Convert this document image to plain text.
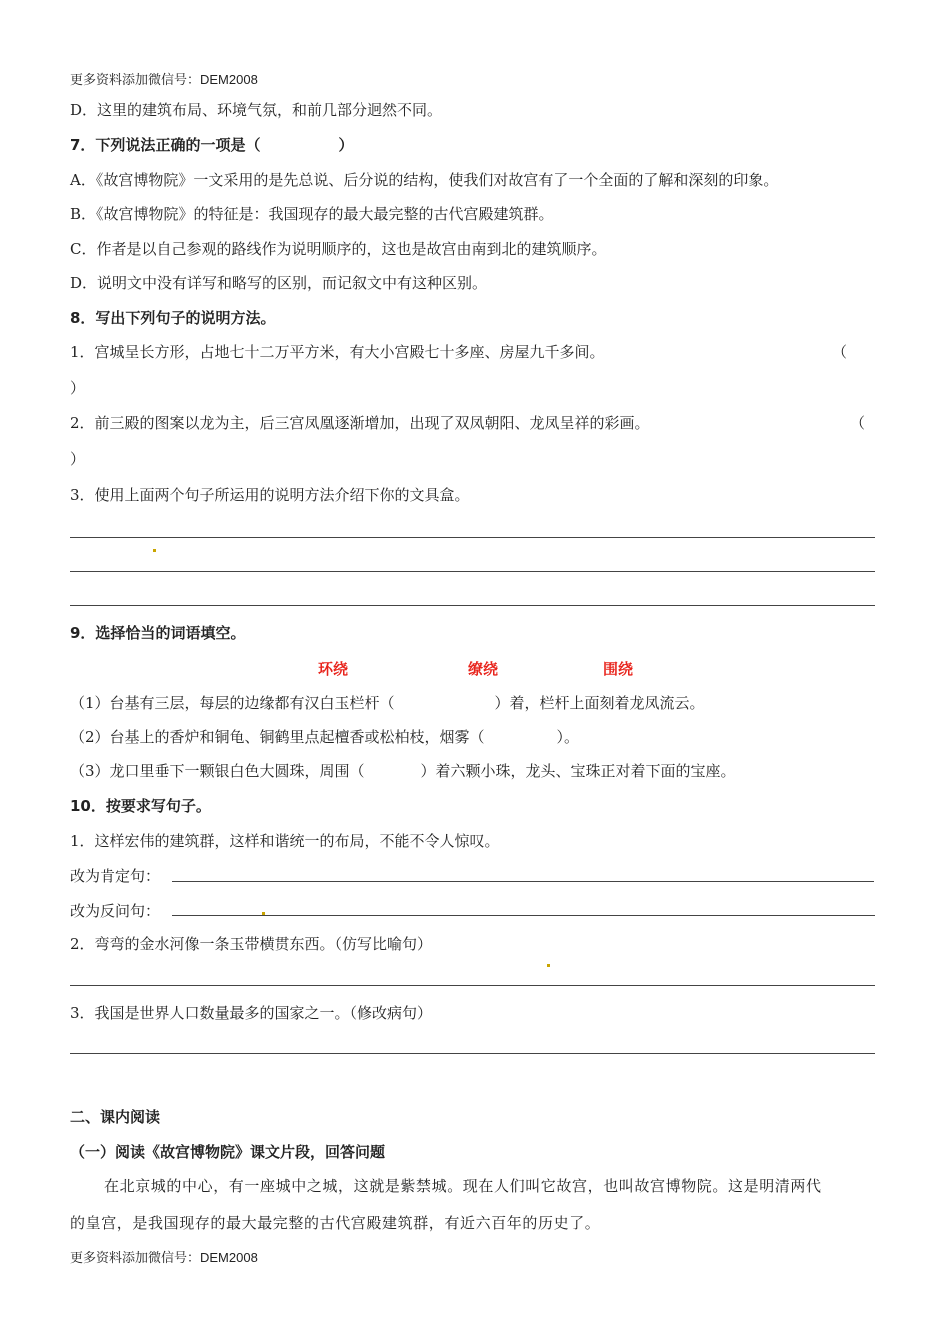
更多资料添加微信号：DEM2008
D．这里的建筑布局、环境气氛，和前几部分迥然不同。
7．下列说法正确的一项是（	）
A．《故宫博物院》一文采用的是先总说、后分说的结构，使我们对故宫有了一个全面的了解和深刻的印象。
B．《故宫博物院》的特征是：我国现存的最大最完整的古代宫殿建筑群。
C．作者是以自己参观的路线作为说明顺序的，这也是故宫由南到北的建筑顺序。
D．说明文中没有详写和略写的区别，而记叙文中有这种区别。
8．写出下列句子的说明方法。
1．宫城呈长方形，占地七十二万平方米，有大小宫殿七十多座、房屋九千多间。	（
）
2．前三殿的图案以龙为主，后三宫凤凰逐渐增加，出现了双凤朝阳、龙凤呈祥的彩画。	（
）
3．使用上面两个句子所运用的说明方法介绍下你的文具盒。
9．选择恰当的词语填空。
环绕	缭绕	围绕
（1）台基有三层，每层的边缘都有汉白玉栏杆（	）着，栏杆上面刻着龙凤流云。
（2）台基上的香炉和铜龟、铜鹤里点起檀香或松柏枝，烟雾（	）。
（3）龙口里垂下一颗银白色大圆珠，周围（	）着六颗小珠，龙头、宝珠正对着下面的宝座。
10．按要求写句子。
1．这样宏伟的建筑群，这样和谐统一的布局，不能不令人惊叹。
改为肯定句：
改为反问句：
2．弯弯的金水河像一条玉带横贯东西。（仿写比喻句）
3．我国是世界人口数量最多的国家之一。（修改病句）
二、课内阅读
（一）阅读《故宫博物院》课文片段，回答问题
在北京城的中心，有一座城中之城，这就是紫禁城。现在人们叫它故宫，也叫故宫博物院。这是明清两代
的皇宫，是我国现存的最大最完整的古代宫殿建筑群，有近六百年的历史了。
更多资料添加微信号：DEM2008
